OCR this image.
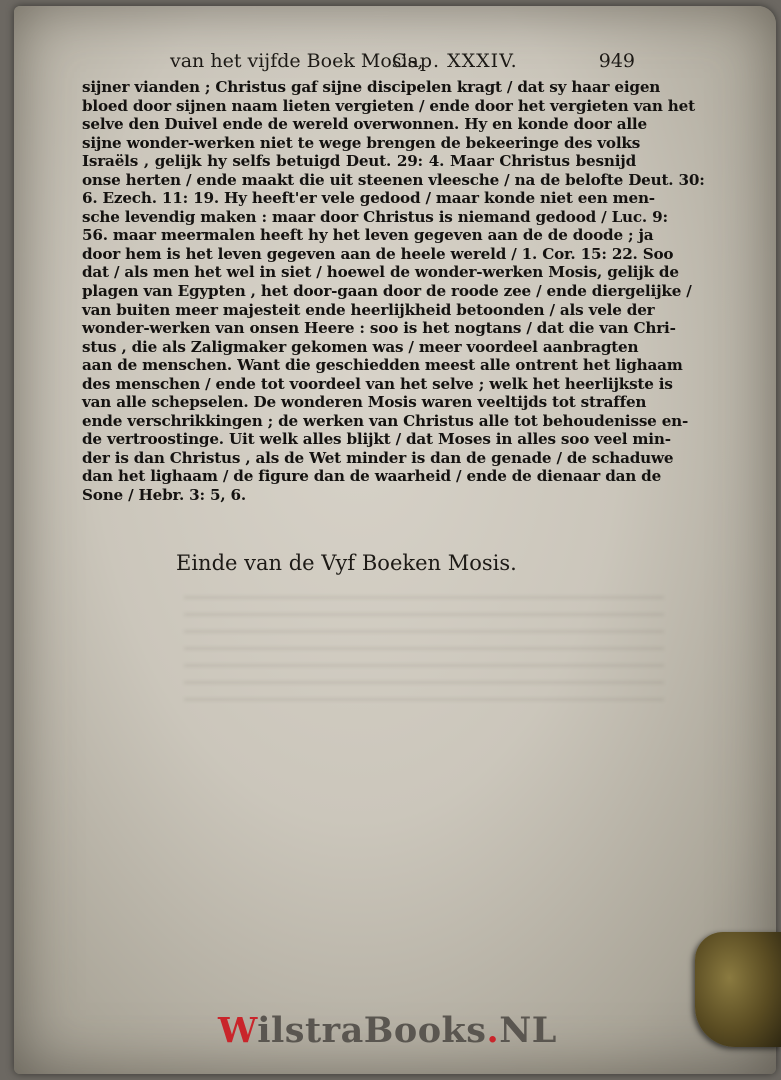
van het vijfde Boek Mosis,
Cap. XXXIV.	949
sijner vianden ; Christus gaf sijne discipelen kragt / dat sy haar eigen
bloed door sijnen naam lieten vergieten / ende door het vergieten van het
selve den Duivel ende de wereld overwonnen. Hy en konde door alle
sijne wonder-werken niet te wege brengen de bekeeringe des volks
Israëls , gelijk hy selfs betuigd Deut. 29: 4. Maar Christus besnijd
onse herten / ende maakt die uit steenen vleesche / na de belofte Deut. 30:
6. Ezech. 11: 19. Hy heeft'er vele gedood / maar konde niet een men-
sche levendig maken : maar door Christus is niemand gedood / Luc. 9:
56. maar meermalen heeft hy het leven gegeven aan de de doode ; ja
door hem is het leven gegeven aan de heele wereld / 1. Cor. 15: 22. Soo
dat / als men het wel in siet / hoewel de wonder-werken Mosis, gelijk de
plagen van Egypten , het door-gaan door de roode zee / ende diergelijke /
van buiten meer majesteit ende heerlijkheid betoonden / als vele der
wonder-werken van onsen Heere : soo is het nogtans / dat die van Chri-
stus , die als Zaligmaker gekomen was / meer voordeel aanbragten
aan de menschen. Want die geschiedden meest alle ontrent het lighaam
des menschen / ende tot voordeel van het selve ; welk het heerlijkste is
van alle schepselen. De wonderen Mosis waren veeltijds tot straffen
ende verschrikkingen ; de werken van Christus alle tot behoudenisse en-
de vertroostinge. Uit welk alles blijkt / dat Moses in alles soo veel min-
der is dan Christus , als de Wet minder is dan de genade / de schaduwe
dan het lighaam / de figure dan de waarheid / ende de dienaar dan de
Sone / Hebr. 3: 5, 6.
Einde van de Vyf Boeken Mosis.
WilstraBooks.NL
